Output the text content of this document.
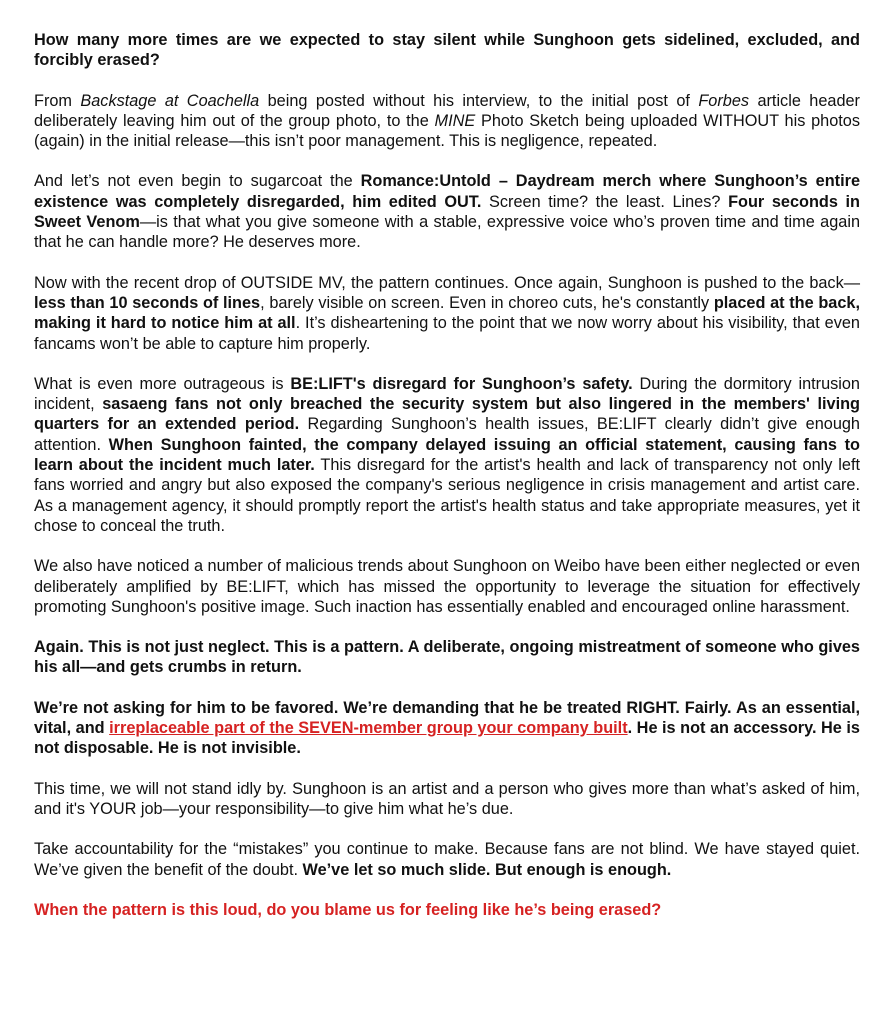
How many more times are we expected to stay silent while Sunghoon gets sidelined, excluded, and forcibly erased?

From Backstage at Coachella being posted without his interview, to the initial post of Forbes article header deliberately leaving him out of the group photo, to the MINE Photo Sketch being uploaded WITHOUT his photos (again) in the initial release—this isn’t poor management. This is negligence, repeated.

And let’s not even begin to sugarcoat the Romance:Untold – Daydream merch where Sunghoon’s entire existence was completely disregarded, him edited OUT. Screen time? the least. Lines? Four seconds in Sweet Venom—is that what you give someone with a stable, expressive voice who’s proven time and time again that he can handle more? He deserves more.

Now with the recent drop of OUTSIDE MV, the pattern continues. Once again, Sunghoon is pushed to the back—less than 10 seconds of lines, barely visible on screen. Even in choreo cuts, he's constantly placed at the back, making it hard to notice him at all. It’s disheartening to the point that we now worry about his visibility, that even fancams won’t be able to capture him properly.

What is even more outrageous is BE:LIFT's disregard for Sunghoon’s safety. During the dormitory intrusion incident, sasaeng fans not only breached the security system but also lingered in the members' living quarters for an extended period. Regarding Sunghoon’s health issues, BE:LIFT clearly didn’t give enough attention. When Sunghoon fainted, the company delayed issuing an official statement, causing fans to learn about the incident much later. This disregard for the artist's health and lack of transparency not only left fans worried and angry but also exposed the company's serious negligence in crisis management and artist care. As a management agency, it should promptly report the artist's health status and take appropriate measures, yet it chose to conceal the truth.

We also have noticed a number of malicious trends about Sunghoon on Weibo have been either neglected or even deliberately amplified by BE:LIFT, which has missed the opportunity to leverage the situation for effectively promoting Sunghoon's positive image. Such inaction has essentially enabled and encouraged online harassment.

Again. This is not just neglect. This is a pattern. A deliberate, ongoing mistreatment of someone who gives his all—and gets crumbs in return.

We’re not asking for him to be favored. We’re demanding that he be treated RIGHT. Fairly. As an essential, vital, and irreplaceable part of the SEVEN-member group your company built. He is not an accessory. He is not disposable. He is not invisible.

This time, we will not stand idly by. Sunghoon is an artist and a person who gives more than what’s asked of him, and it's YOUR job—your responsibility—to give him what he’s due.

Take accountability for the “mistakes” you continue to make. Because fans are not blind. We have stayed quiet. We’ve given the benefit of the doubt. We’ve let so much slide. But enough is enough.

When the pattern is this loud, do you blame us for feeling like he’s being erased?
